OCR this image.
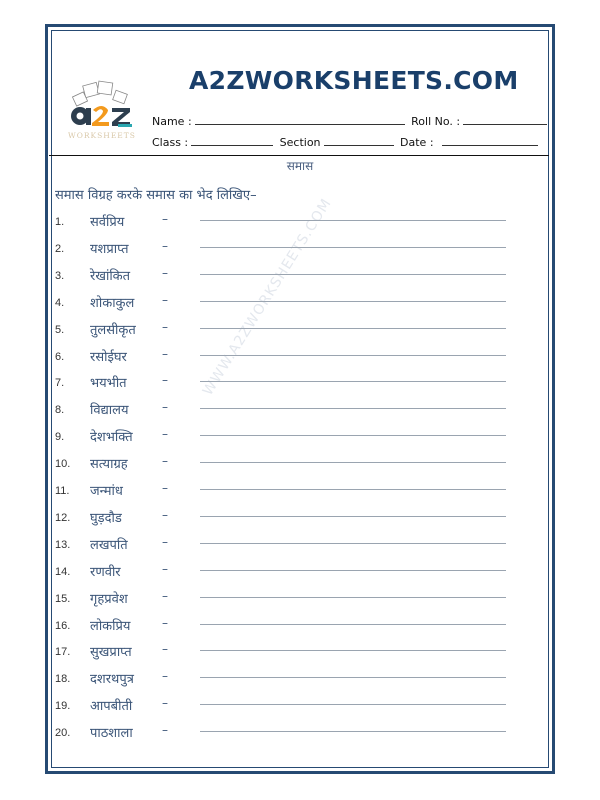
WORKSHEETS
A2ZWORKSHEETS.COM
Name :	Roll No. :
Class :	Section	Date :
समास
समास विग्रह करके समास का भेद लिखिए–
WWW.A2ZWORKSHEETS.COM
1. सर्वप्रिय	–
2. यशप्राप्त	–
3. रेखांकित	–
4. शोकाकुल –
5. तुलसीकृत –
6. रसोईघर	–
7. भयभीत	–
8. विद्यालय	–
9. देशभक्ति –
10. सत्याग्रह	–
11. जन्मांध	–
12. घुड़दौड	–
13. लखपति	–
14. रणवीर	–
15. गृहप्रवेश	–
16. लोकप्रिय	–
17. सुखप्राप्त	–
18. दशरथपुत्र –
19. आपबीती –
20. पाठशाला –
